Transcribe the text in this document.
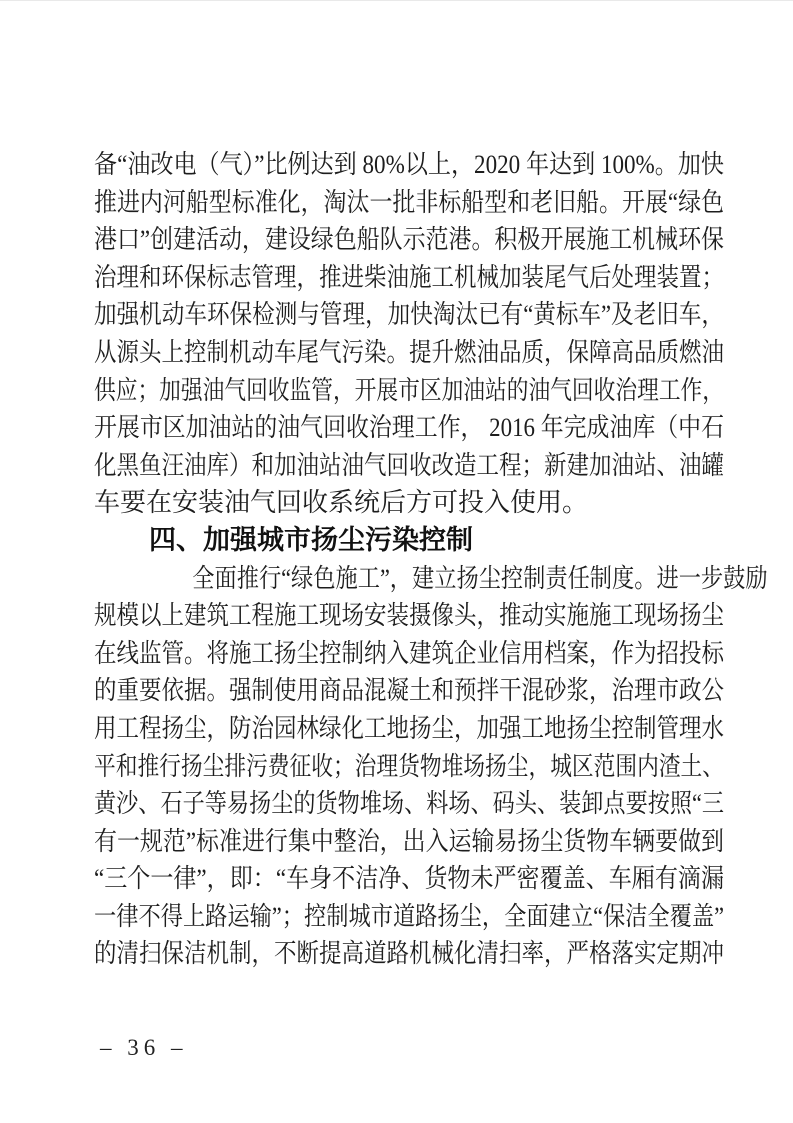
备“油改电（气）”比例达到 80%以上，2020 年达到 100%。加快
推进内河船型标准化，淘汰一批非标船型和老旧船。开展“绿色
港口”创建活动，建设绿色船队示范港。积极开展施工机械环保
治理和环保标志管理，推进柴油施工机械加装尾气后处理装置；
加强机动车环保检测与管理，加快淘汰已有“黄标车”及老旧车，
从源头上控制机动车尾气污染。提升燃油品质，保障高品质燃油
供应；加强油气回收监管，开展市区加油站的油气回收治理工作，
开展市区加油站的油气回收治理工作， 2016 年完成油库（中石
化黑鱼汪油库）和加油站油气回收改造工程；新建加油站、油罐
车要在安装油气回收系统后方可投入使用。
四、加强城市扬尘污染控制
全面推行“绿色施工”，建立扬尘控制责任制度。进一步鼓励
规模以上建筑工程施工现场安装摄像头，推动实施施工现场扬尘
在线监管。将施工扬尘控制纳入建筑企业信用档案，作为招投标
的重要依据。强制使用商品混凝土和预拌干混砂浆，治理市政公
用工程扬尘，防治园林绿化工地扬尘，加强工地扬尘控制管理水
平和推行扬尘排污费征收；治理货物堆场扬尘，城区范围内渣土、
黄沙、石子等易扬尘的货物堆场、料场、码头、装卸点要按照“三
有一规范”标准进行集中整治，出入运输易扬尘货物车辆要做到
“三个一律”，即：“车身不洁净、货物未严密覆盖、车厢有滴漏
一律不得上路运输”；控制城市道路扬尘，全面建立“保洁全覆盖”
的清扫保洁机制，不断提高道路机械化清扫率，严格落实定期冲
– 36 –
